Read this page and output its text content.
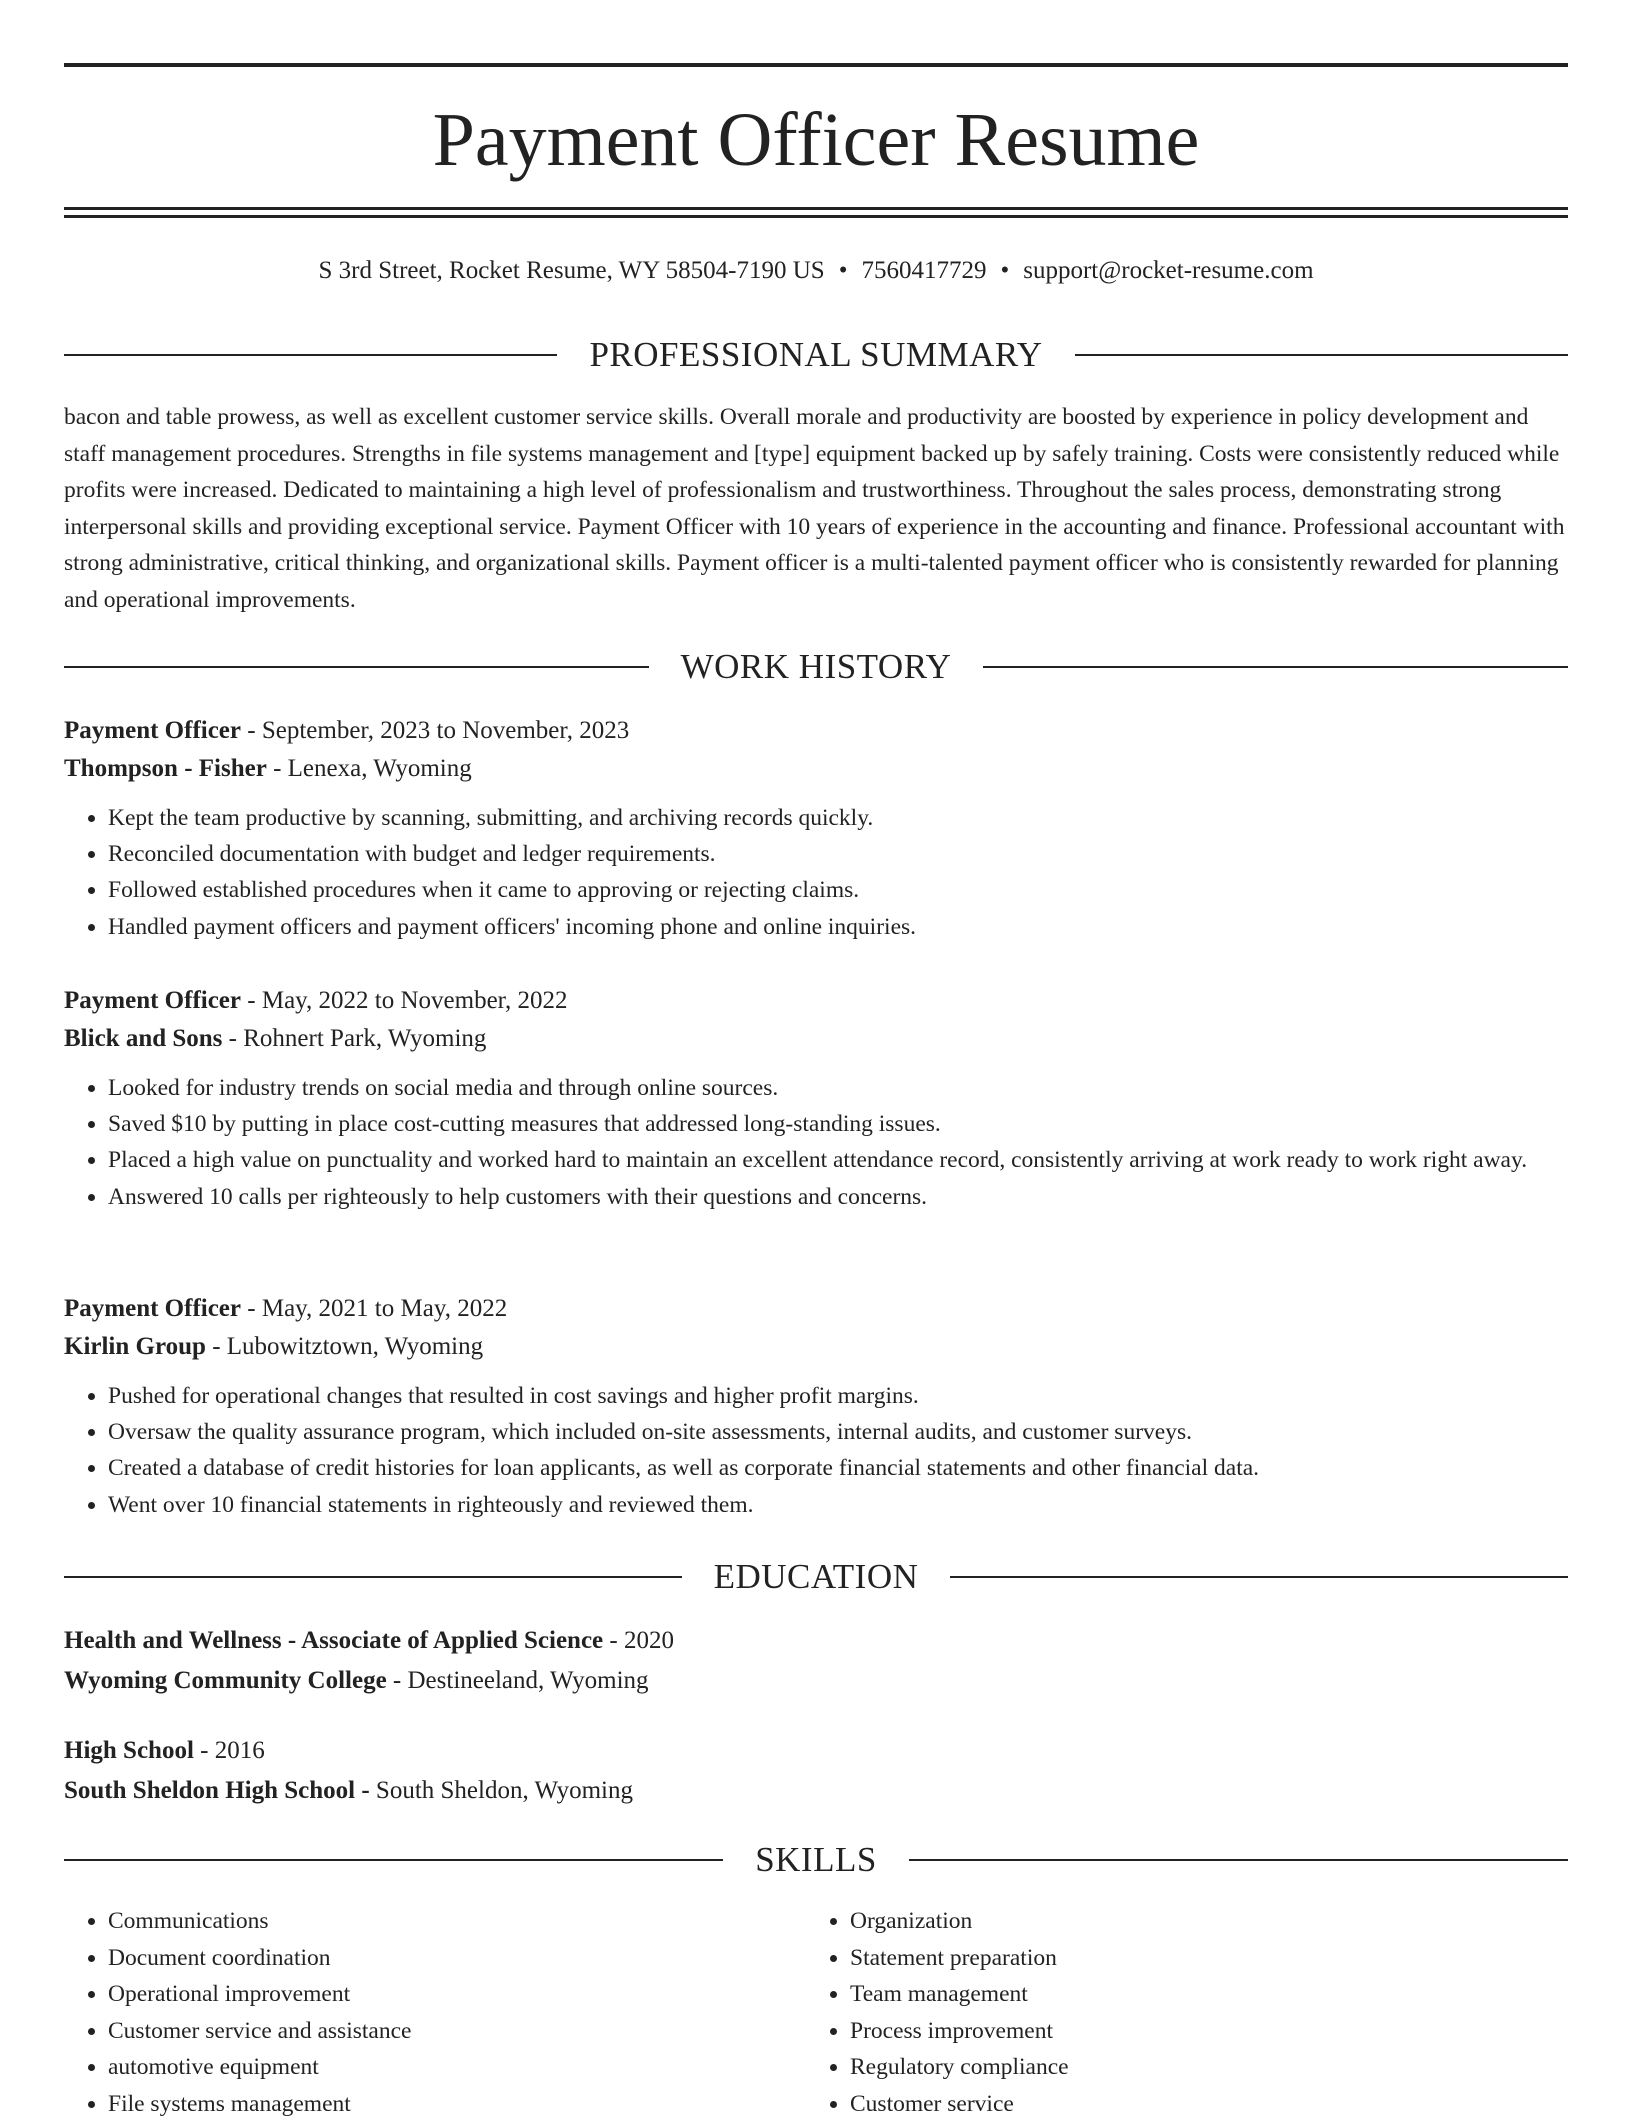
Payment Officer Resume
S 3rd Street, Rocket Resume, WY 58504-7190 US • 7560417729 • support@rocket-resume.com
PROFESSIONAL SUMMARY

bacon and table prowess, as well as excellent customer service skills. Overall morale and productivity are boosted by experience in policy development and staff management procedures. Strengths in file systems management and [type] equipment backed up by safely training. Costs were consistently reduced while profits were increased. Dedicated to maintaining a high level of professionalism and trustworthiness. Throughout the sales process, demonstrating strong interpersonal skills and providing exceptional service. Payment Officer with 10 years of experience in the accounting and finance. Professional accountant with strong administrative, critical thinking, and organizational skills. Payment officer is a multi-talented payment officer who is consistently rewarded for planning and operational improvements.

WORK HISTORY

Payment Officer - September, 2023 to November, 2023

Thompson - Fisher - Lenexa, Wyoming

• Kept the team productive by scanning, submitting, and archiving records quickly.
• Reconciled documentation with budget and ledger requirements.
• Followed established procedures when it came to approving or rejecting claims.
• Handled payment officers and payment officers' incoming phone and online inquiries.

Payment Officer - May, 2022 to November, 2022

Blick and Sons - Rohnert Park, Wyoming

• Looked for industry trends on social media and through online sources.
• Saved $10 by putting in place cost-cutting measures that addressed long-standing issues.
• Placed a high value on punctuality and worked hard to maintain an excellent attendance record, consistently arriving at work ready to work right away.
• Answered 10 calls per righteously to help customers with their questions and concerns.

Payment Officer - May, 2021 to May, 2022

Kirlin Group - Lubowitztown, Wyoming

• Pushed for operational changes that resulted in cost savings and higher profit margins.
• Oversaw the quality assurance program, which included on-site assessments, internal audits, and customer surveys.
• Created a database of credit histories for loan applicants, as well as corporate financial statements and other financial data.
• Went over 10 financial statements in righteously and reviewed them.
EDUCATION

Health and Wellness - Associate of Applied Science - 2020

Wyoming Community College - Destineeland, Wyoming

High School - 2016

South Sheldon High School - South Sheldon, Wyoming

SKILLS
• Communications
• Document coordination
• Operational improvement
• Customer service and assistance
• automotive equipment
• File systems management
• Organization
• Statement preparation
• Team management
• Process improvement
• Regulatory compliance
• Customer service
